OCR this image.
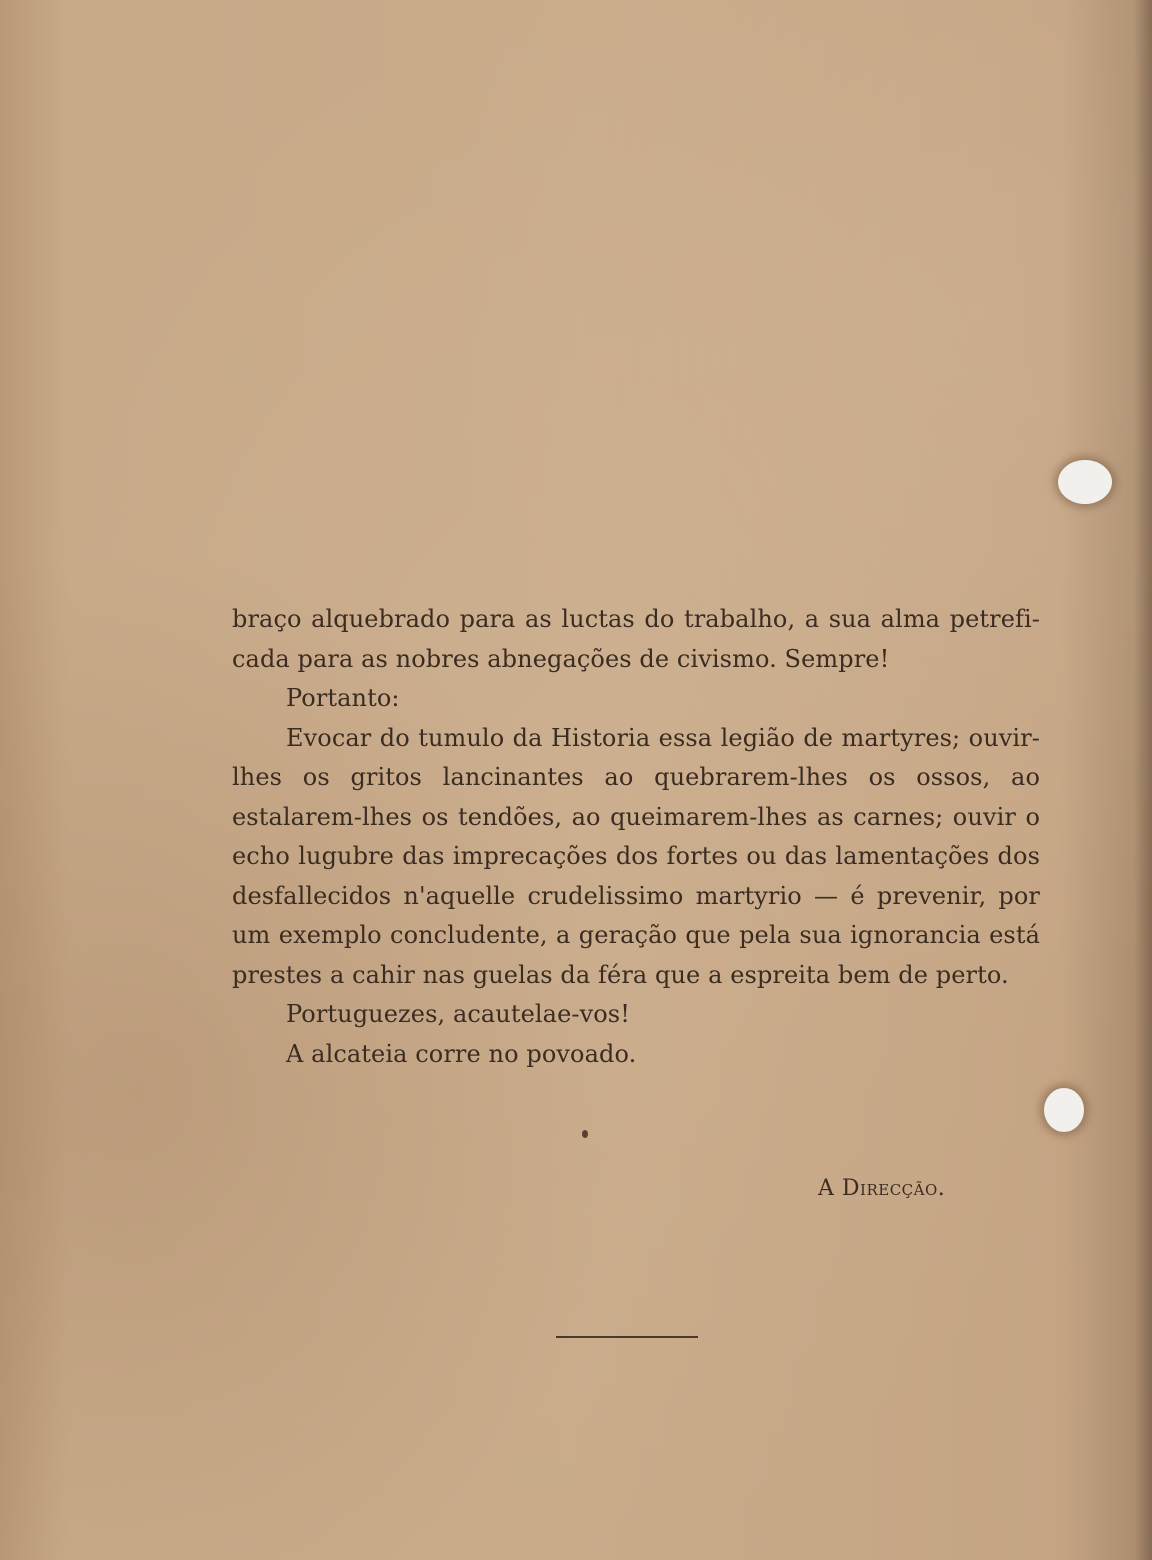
braço alquebrado para as luctas do trabalho, a sua alma petrefi-cada para as nobres abnegações de civismo. Sempre!

Portanto:

Evocar do tumulo da Historia essa legião de martyres; ouvir-lhes os gritos lancinantes ao quebrarem-lhes os ossos, ao estalarem-lhes os tendões, ao queimarem-lhes as carnes; ouvir o echo lugubre das imprecações dos fortes ou das lamentações dos desfallecidos n'aquelle crudelissimo martyrio — é prevenir, por um exemplo concludente, a geração que pela sua ignorancia está prestes a cahir nas guelas da féra que a espreita bem de perto.

Portuguezes, acautelae-vos!

A alcateia corre no povoado.

A Direcção.
